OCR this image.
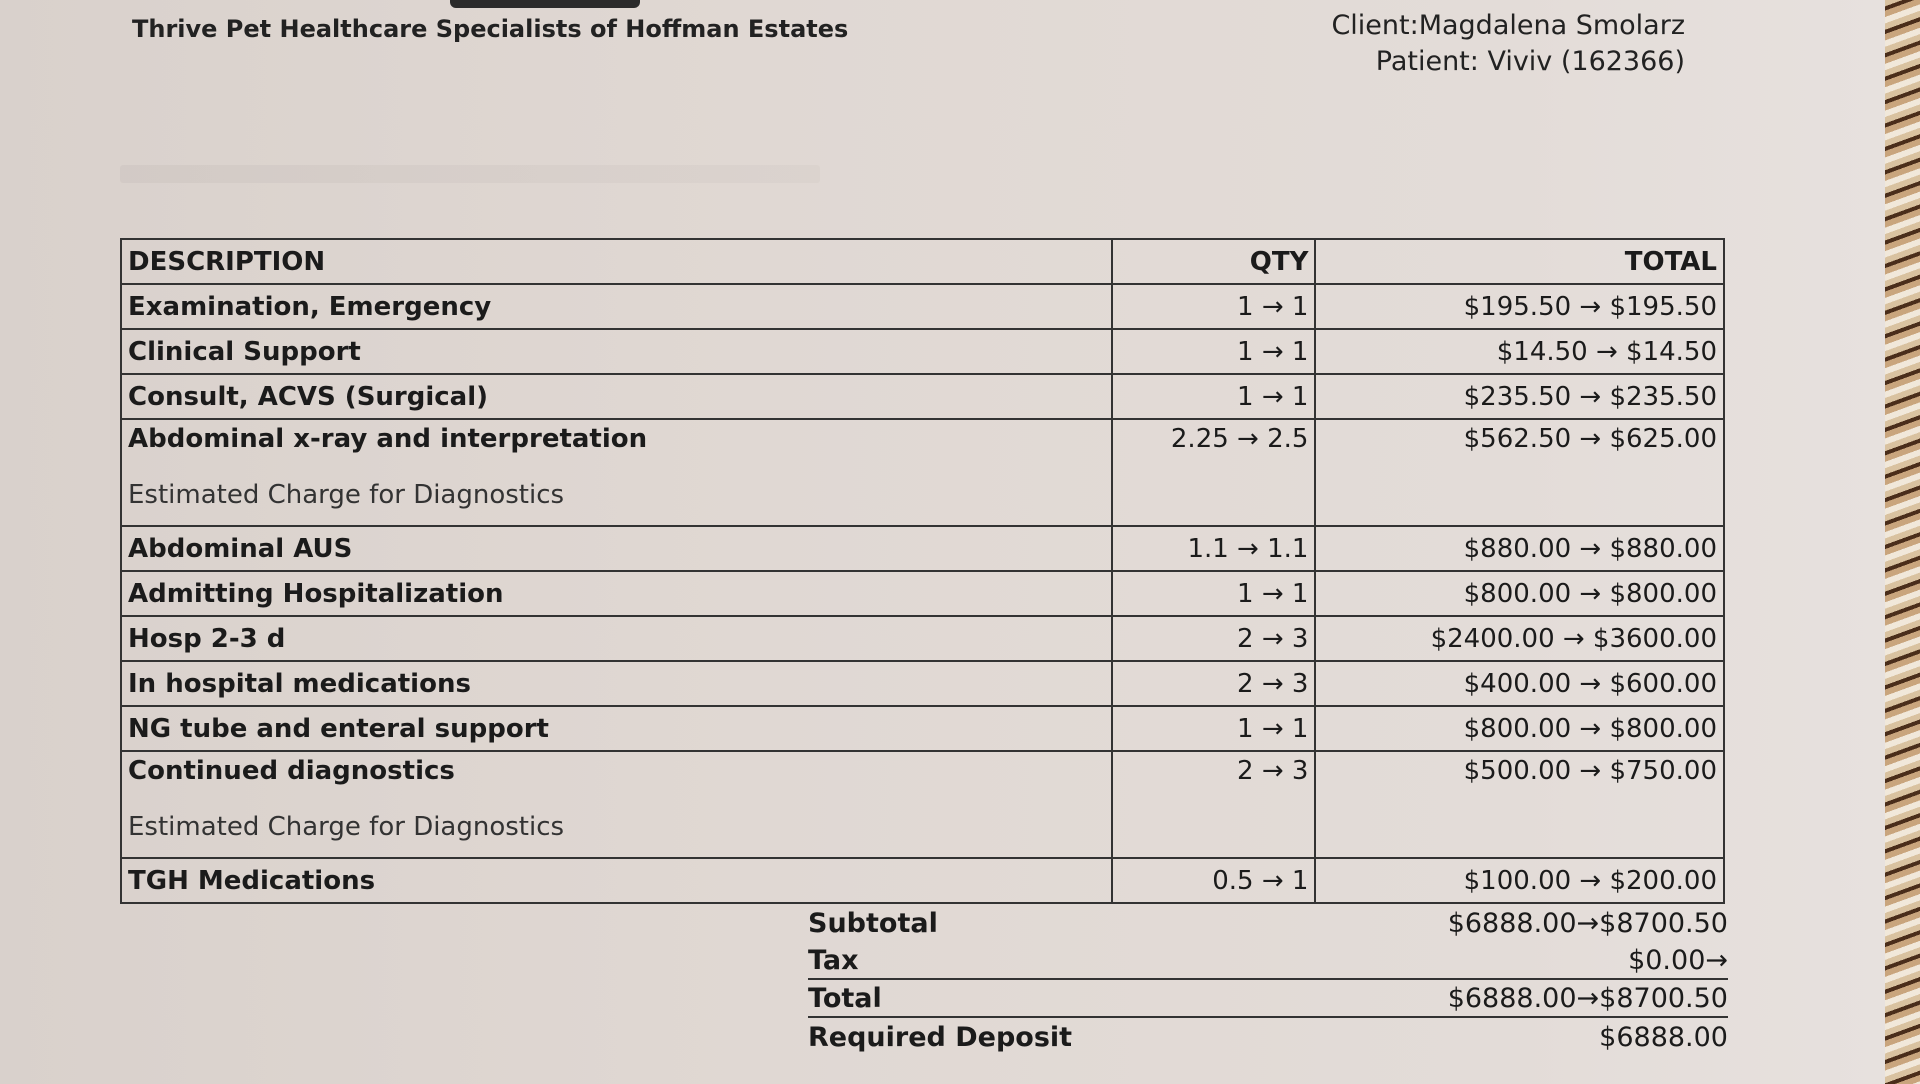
Thrive Pet Healthcare Specialists of Hoffman Estates	Client:Magdalena Smolarz
Patient: Viviv (162366)
DESCRIPTION	QTY	TOTAL
Examination, Emergency	1 → 1	$195.50 → $195.50
Clinical Support	1 → 1	$14.50 → $14.50
Consult, ACVS (Surgical)	1 → 1	$235.50 → $235.50
Abdominal x-ray and interpretation
Estimated Charge for Diagnostics	2.25 → 2.5	$562.50 → $625.00
Abdominal AUS	1.1 → 1.1	$880.00 → $880.00
Admitting Hospitalization	1 → 1	$800.00 → $800.00
Hosp 2-3 d	2 → 3	$2400.00 → $3600.00
In hospital medications	2 → 3	$400.00 → $600.00
NG tube and enteral support	1 → 1	$800.00 → $800.00
Continued diagnostics
Estimated Charge for Diagnostics	2 → 3	$500.00 → $750.00
TGH Medications	0.5 → 1	$100.00 → $200.00
Subtotal	$6888.00→$8700.50
Tax	$0.00→
Total	$6888.00→$8700.50
Required Deposit	$6888.00
